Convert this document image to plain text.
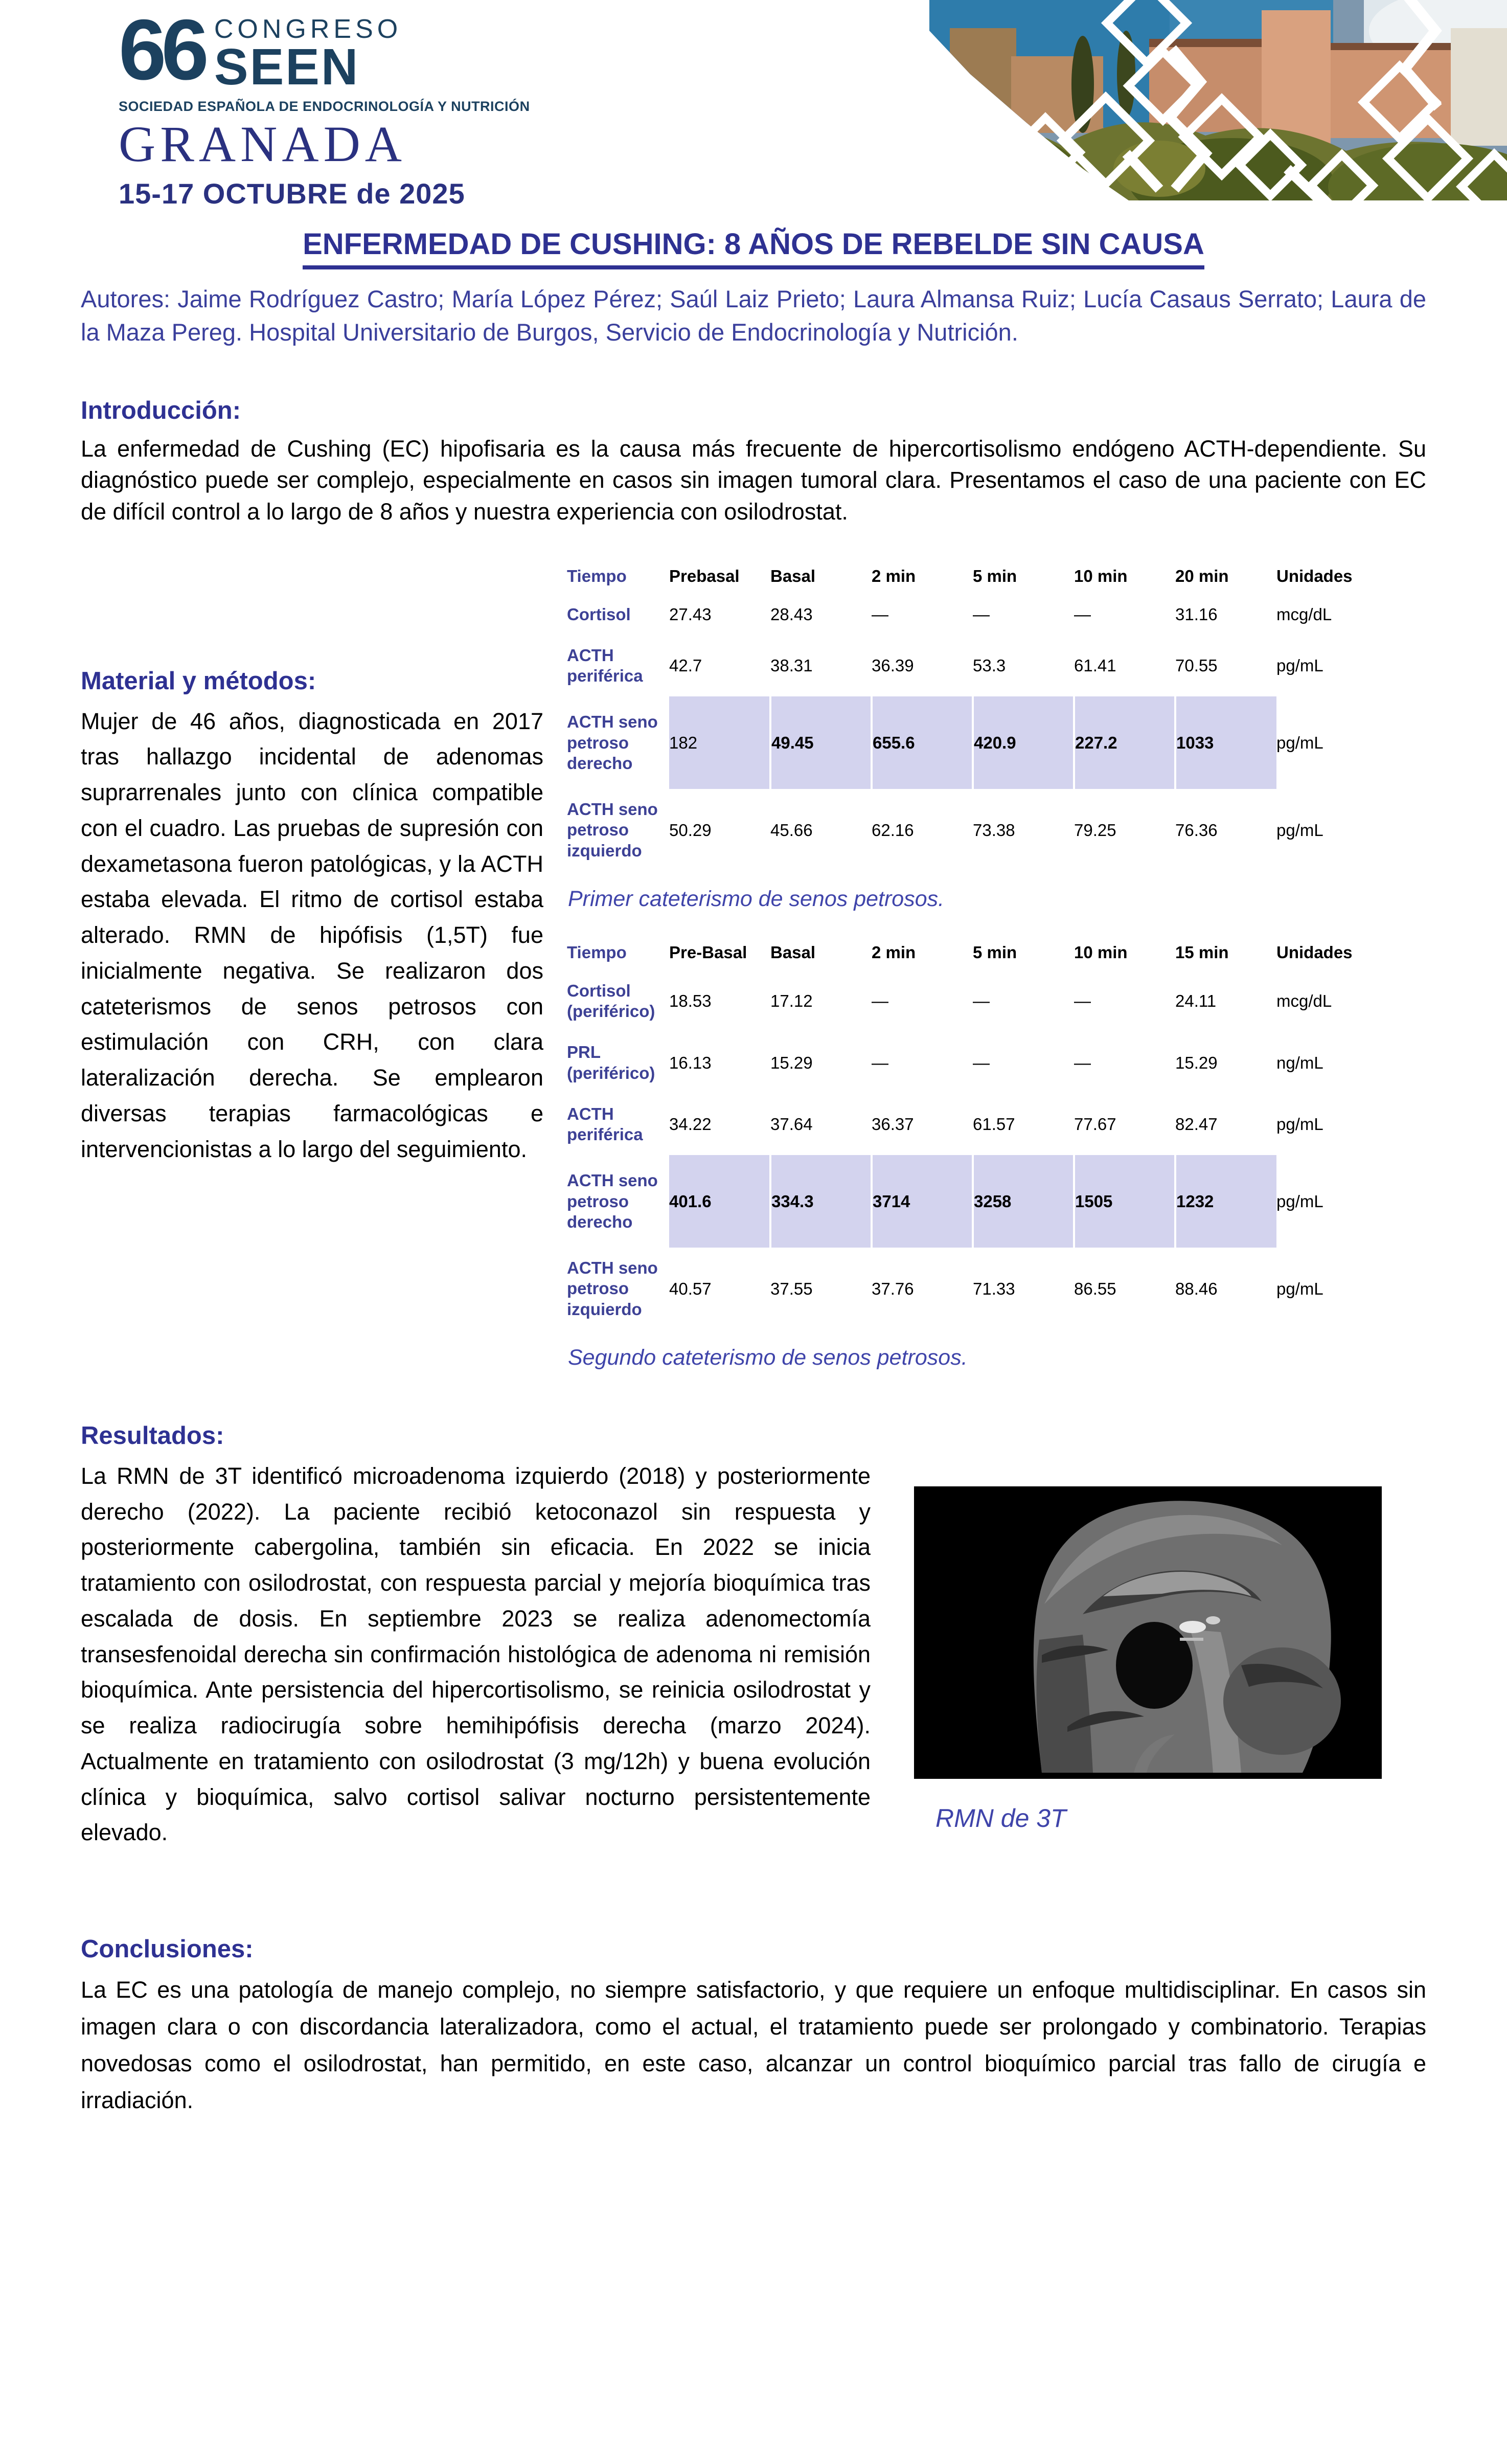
66 CONGRESO
SEEN
SOCIEDAD ESPAÑOLA DE ENDOCRINOLOGÍA Y NUTRICIÓN
GRANADA
15-17 OCTUBRE de 2025
ENFERMEDAD DE CUSHING: 8 AÑOS DE REBELDE SIN CAUSA

Autores: Jaime Rodríguez Castro; María López Pérez; Saúl Laiz Prieto; Laura Almansa Ruiz; Lucía Casaus Serrato; Laura de la Maza Pereg. Hospital Universitario de Burgos, Servicio de Endocrinología y Nutrición.

Introducción:

La enfermedad de Cushing (EC) hipofisaria es la causa más frecuente de hipercortisolismo endógeno ACTH-dependiente. Su diagnóstico puede ser complejo, especialmente en casos sin imagen tumoral clara. Presentamos el caso de una paciente con EC de difícil control a lo largo de 8 años y nuestra experiencia con osilodrostat.

Material y métodos:

Mujer de 46 años, diagnosticada en 2017 tras hallazgo incidental de adenomas suprarrenales junto con clínica compatible con el cuadro. Las pruebas de supresión con dexametasona fueron patológicas, y la ACTH estaba elevada. El ritmo de cortisol estaba alterado. RMN de hipófisis (1,5T) fue inicialmente negativa. Se realizaron dos cateterismos de senos petrosos con estimulación con CRH, con clara lateralización derecha. Se emplearon diversas terapias farmacológicas e intervencionistas a lo largo del seguimiento.

Tiempo	Prebasal	Basal	2 min	5 min	10 min	20 min	Unidades
Cortisol	27.43	28.43	—	—	—	31.16	mcg/dL
ACTH periférica	42.7	38.31	36.39	53.3	61.41	70.55	pg/mL
ACTH seno petroso derecho	182	49.45	655.6	420.9	227.2	1033	pg/mL
ACTH seno petroso izquierdo	50.29	45.66	62.16	73.38	79.25	76.36	pg/mL
Primer cateterismo de senos petrosos.
Tiempo	Pre-Basal	Basal	2 min	5 min	10 min	15 min	Unidades
Cortisol (periférico)	18.53	17.12	—	—	—	24.11	mcg/dL
PRL (periférico)	16.13	15.29	—	—	—	15.29	ng/mL
ACTH periférica	34.22	37.64	36.37	61.57	77.67	82.47	pg/mL
ACTH seno petroso derecho	401.6	334.3	3714	3258	1505	1232	pg/mL
ACTH seno petroso izquierdo	40.57	37.55	37.76	71.33	86.55	88.46	pg/mL
Segundo cateterismo de senos petrosos.
Resultados:

La RMN de 3T identificó microadenoma izquierdo (2018) y posteriormente derecho (2022). La paciente recibió ketoconazol sin respuesta y posteriormente cabergolina, también sin eficacia. En 2022 se inicia tratamiento con osilodrostat, con respuesta parcial y mejoría bioquímica tras escalada de dosis. En septiembre 2023 se realiza adenomectomía transesfenoidal derecha sin confirmación histológica de adenoma ni remisión bioquímica. Ante persistencia del hipercortisolismo, se reinicia osilodrostat y se realiza radiocirugía sobre hemihipófisis derecha (marzo 2024). Actualmente en tratamiento con osilodrostat (3 mg/12h) y buena evolución clínica y bioquímica, salvo cortisol salivar nocturno persistentemente elevado.	RMN de 3T
Conclusiones:

La EC es una patología de manejo complejo, no siempre satisfactorio, y que requiere un enfoque multidisciplinar. En casos sin imagen clara o con discordancia lateralizadora, como el actual, el tratamiento puede ser prolongado y combinatorio. Terapias novedosas como el osilodrostat, han permitido, en este caso, alcanzar un control bioquímico parcial tras fallo de cirugía e irradiación.
